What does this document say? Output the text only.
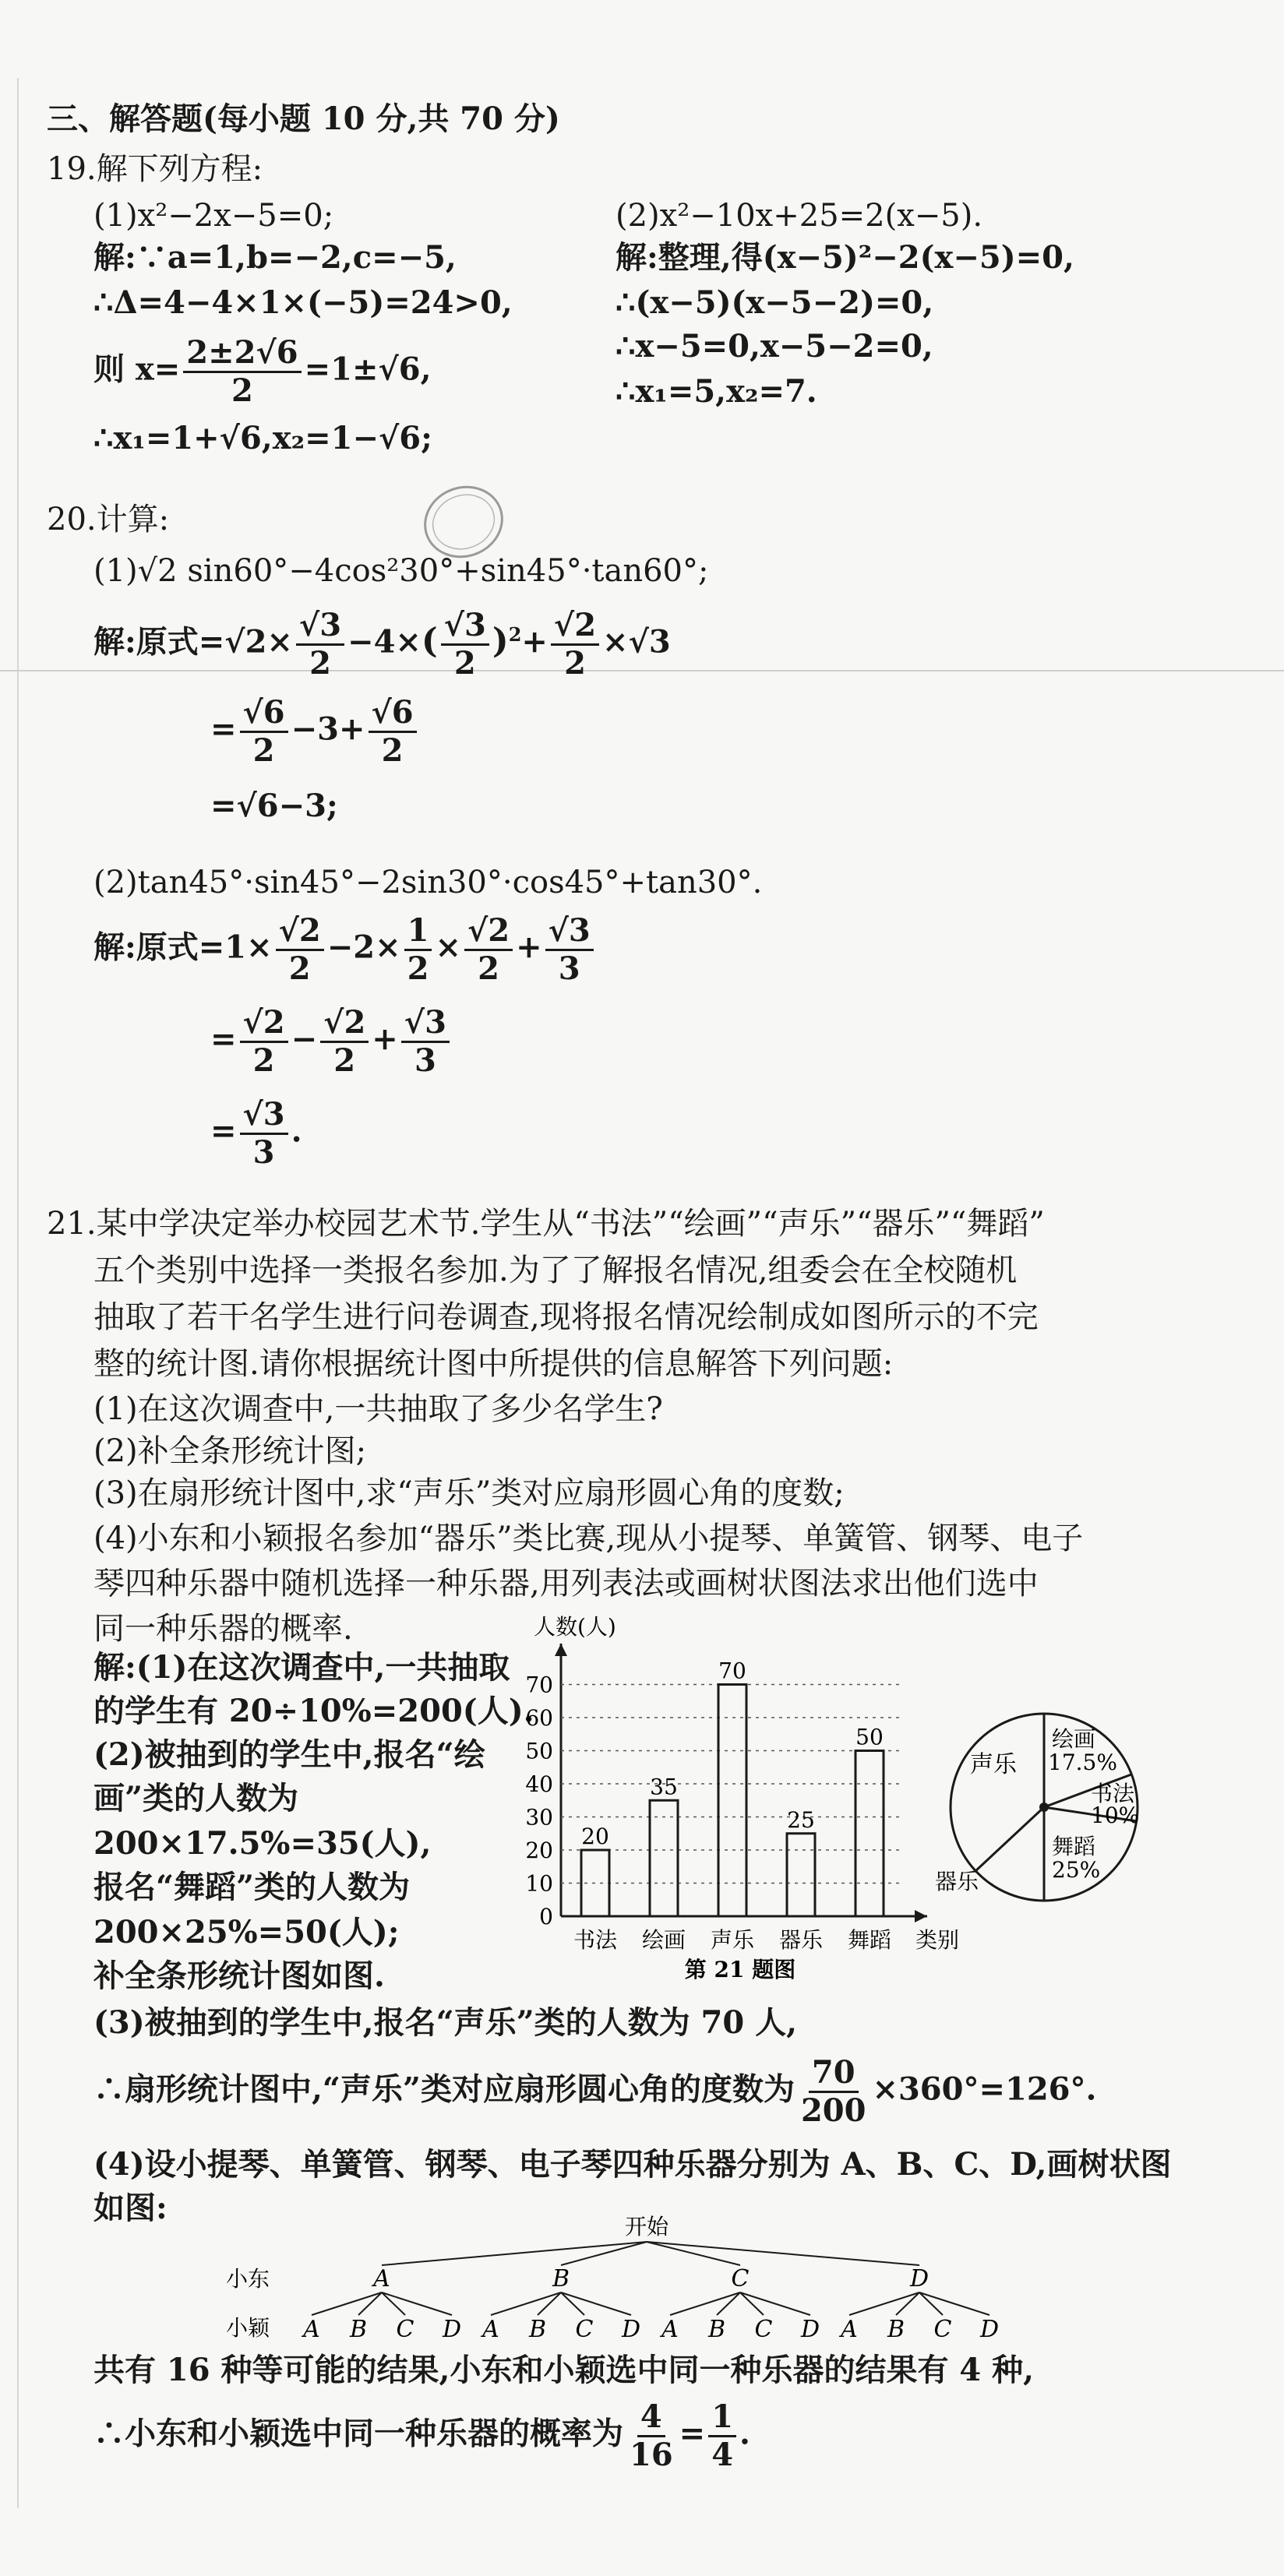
三、解答题(每小题 10 分,共 70 分)
19.解下列方程:
(1)x²−2x−5=0;	(2)x²−10x+25=2(x−5).
解:∵a=1,b=−2,c=−5,
∴Δ=4−4×1×(−5)=24>0,
则 $x= \frac{2\pm 2√6}{2} =1\pm√6$,
∴x₁=1+√6,x₂=1−√6;
解:整理,得(x−5)²−2(x−5)=0,
∴(x−5)(x−5−2)=0,
∴x−5=0,x−5−2=0,
∴x₁=5,x₂=7.
20.计算:
(1)√2 sin60°−4cos²30°+sin45°·tan60°;
解:原式$=√2\times \frac{√3}{2} -4\times( \frac{√3}{2} )^2+ \frac{√2}{2} \times√3$
= $\frac{√6}{2} -3+ \frac{√6}{2}$
=√6−3;
(2)tan45°·sin45°−2sin30°·cos45°+tan30°.
解:原式$=1\times \frac{√2}{2} -2\times \frac{1}{2} \times \frac{√2}{2} + \frac{√3}{3}$
= $\frac{√2}{2} - \frac{√2}{2} + \frac{√3}{3}$
= $\frac{√3}{3}$ .
21.某中学决定举办校园艺术节.学生从“书法”“绘画”“声乐”“器乐”“舞蹈”
五个类别中选择一类报名参加.为了了解报名情况,组委会在全校随机
抽取了若干名学生进行问卷调查,现将报名情况绘制成如图所示的不完
整的统计图.请你根据统计图中所提供的信息解答下列问题:
(1)在这次调查中,一共抽取了多少名学生?
(2)补全条形统计图;
(3)在扇形统计图中,求“声乐”类对应扇形圆心角的度数;
(4)小东和小颖报名参加“器乐”类比赛,现从小提琴、单簧管、钢琴、电子
琴四种乐器中随机选择一种乐器,用列表法或画树状图法求出他们选中
同一种乐器的概率.
解:(1)在这次调查中,一共抽取
的学生有 20÷10%=200(人).
(2)被抽到的学生中,报名“绘
画”类的人数为
200×17.5%=35(人),
报名“舞蹈”类的人数为
200×25%=50(人);
补全条形统计图如图.
0
10
20
30
40
50
60
70
人数(人)
20
书法
35
绘画
70
声乐
25
器乐
50
舞蹈 类别
第 21 题图
声乐
绘画
17.5%
书法
10%
舞蹈
25%
器乐
(3)被抽到的学生中,报名“声乐”类的人数为 70 人,
∴扇形统计图中,“声乐”类对应扇形圆心角的度数为 $\frac{70}{200} \times 360^\circ=126^\circ$.
(4)设小提琴、单簧管、钢琴、电子琴四种乐器分别为 A、B、C、D,画树状图
如图:
开始
小东
小颖
A
A B C D
B
A B C D
C
A B C D
D
A B C D
共有 16 种等可能的结果,小东和小颖选中同一种乐器的结果有 4 种,
∴小东和小颖选中同一种乐器的概率为 $\frac{4}{16} = \frac{1}{4}$ .
